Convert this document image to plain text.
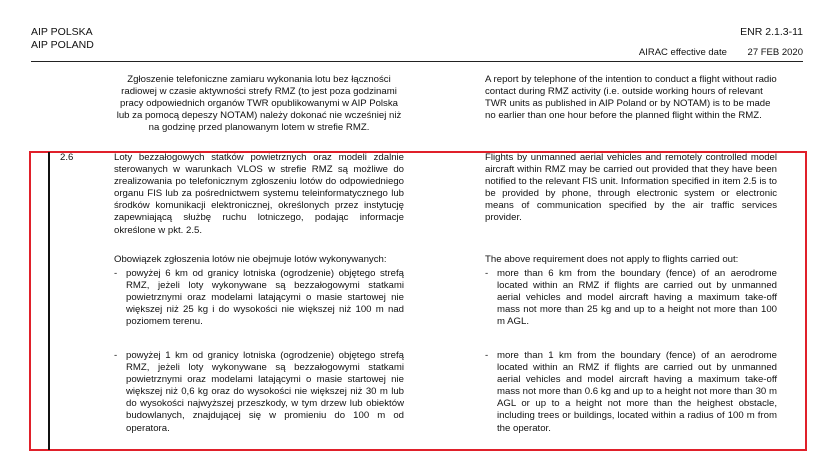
AIP POLSKA
AIP POLAND
ENR 2.1.3-11
AIRAC effective date 27 FEB 2020
Zgłoszenie telefoniczne zamiaru wykonania lotu bez łączności radiowej w czasie aktywności strefy RMZ (to jest poza godzinami pracy odpowiednich organów TWR opublikowanymi w AIP Polska lub za pomocą depeszy NOTAM) należy dokonać nie wcześniej niż na godzinę przed planowanym lotem w strefie RMZ.
A report by telephone of the intention to conduct a flight without radio contact during RMZ activity (i.e. outside working hours of relevant TWR units as published in AIP Poland or by NOTAM) is to be made no earlier than one hour before the planned flight within the RMZ.
2.6	Loty bezzałogowych statków powietrznych oraz modeli zdalnie sterowanych w warunkach VLOS w strefie RMZ są możliwe do zrealizowania po telefonicznym zgłoszeniu lotów do odpowiedniego organu FIS lub za pośrednictwem systemu teleinformatycznego lub środków komunikacji elektronicznej, określonych przez instytucję zapewniającą służbę ruchu lotniczego, podając informacje określone w pkt. 2.5.
Obowiązek zgłoszenia lotów nie obejmuje lotów wykonywanych:
- powyżej 6 km od granicy lotniska (ogrodzenie) objętego strefą RMZ, jeżeli loty wykonywane są bezzałogowymi statkami powietrznymi oraz modelami latającymi o masie startowej nie większej niż 25 kg i do wysokości nie większej niż 100 m nad poziomem terenu.
- powyżej 1 km od granicy lotniska (ogrodzenie) objętego strefą RMZ, jeżeli loty wykonywane są bezzałogowymi statkami powietrznymi oraz modelami latającymi o masie startowej nie większej niż 0,6 kg oraz do wysokości nie większej niż 30 m lub do wysokości najwyższej przeszkody, w tym drzew lub obiektów budowlanych, znajdującej się w promieniu do 100 m od operatora.
Flights by unmanned aerial vehicles and remotely controlled model aircraft within RMZ may be carried out provided that they have been notified to the relevant FIS unit. Information specified in item 2.5 is to be provided by phone, through electronic system or electronic means of communication specified by the air traffic services provider.
The above requirement does not apply to flights carried out:
- more than 6 km from the boundary (fence) of an aerodrome located within an RMZ if flights are carried out by unmanned aerial vehicles and model aircraft having a maximum take-off mass not more than 25 kg and up to a height not more than 100 m AGL.
- more than 1 km from the boundary (fence) of an aerodrome located within an RMZ if flights are carried out by unmanned aerial vehicles and model aircraft having a maximum take-off mass not more than 0.6 kg and up to a height not more than 30 m AGL or up to a height not more than the heighest obstacle, including trees or buildings, located within a radius of 100 m from the operator.
